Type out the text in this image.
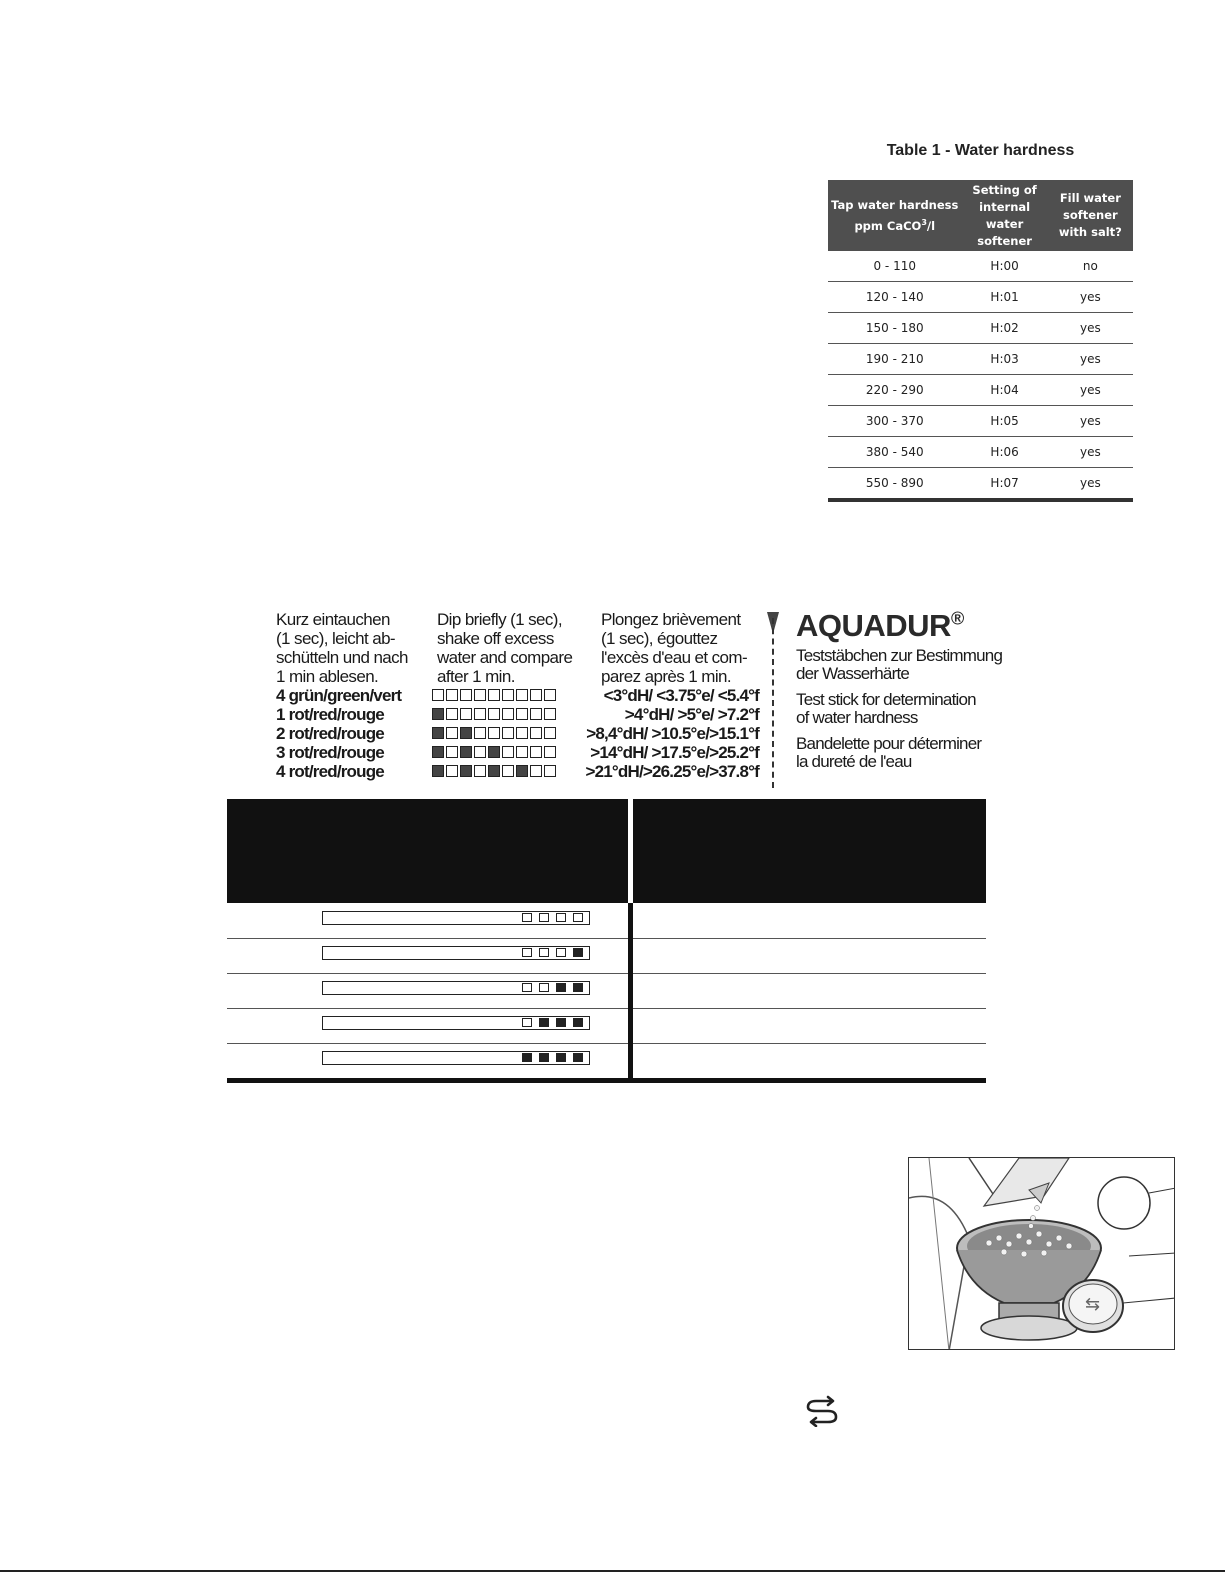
Table 1 - Water hardness
Tap water hardness
ppm CaCO$^3$/l	Setting of internal water softener	Fill water softener with salt?
0 - 110	H:00	no
120 - 140	H:01	yes
150 - 180	H:02	yes
190 - 210	H:03	yes
220 - 290	H:04	yes
300 - 370	H:05	yes
380 - 540	H:06	yes
550 - 890	H:07	yes
Kurz eintauchen
(1 sec), leicht ab-
schütteln und nach
1 min ablesen.
Dip briefly (1 sec),
shake off excess
water and compare
after 1 min.
Plongez brièvement
(1 sec), égouttez
l'excès d'eau et com-
parez après 1 min.
4 grün/green/vert	<3°dH/ <3.75°e/ <5.4°f
1 rot/red/rouge	>4°dH/ >5°e/ >7.2°f
2 rot/red/rouge	>8,4°dH/ >10.5°e/>15.1°f
3 rot/red/rouge	>14°dH/ >17.5°e/>25.2°f
4 rot/red/rouge	>21°dH/>26.25°e/>37.8°f
AQUADUR®
Teststäbchen zur Bestimmung
der Wasserhärte
Test stick for determination
of water hardness
Bandelette pour déterminer
la dureté de l'eau
⇆
